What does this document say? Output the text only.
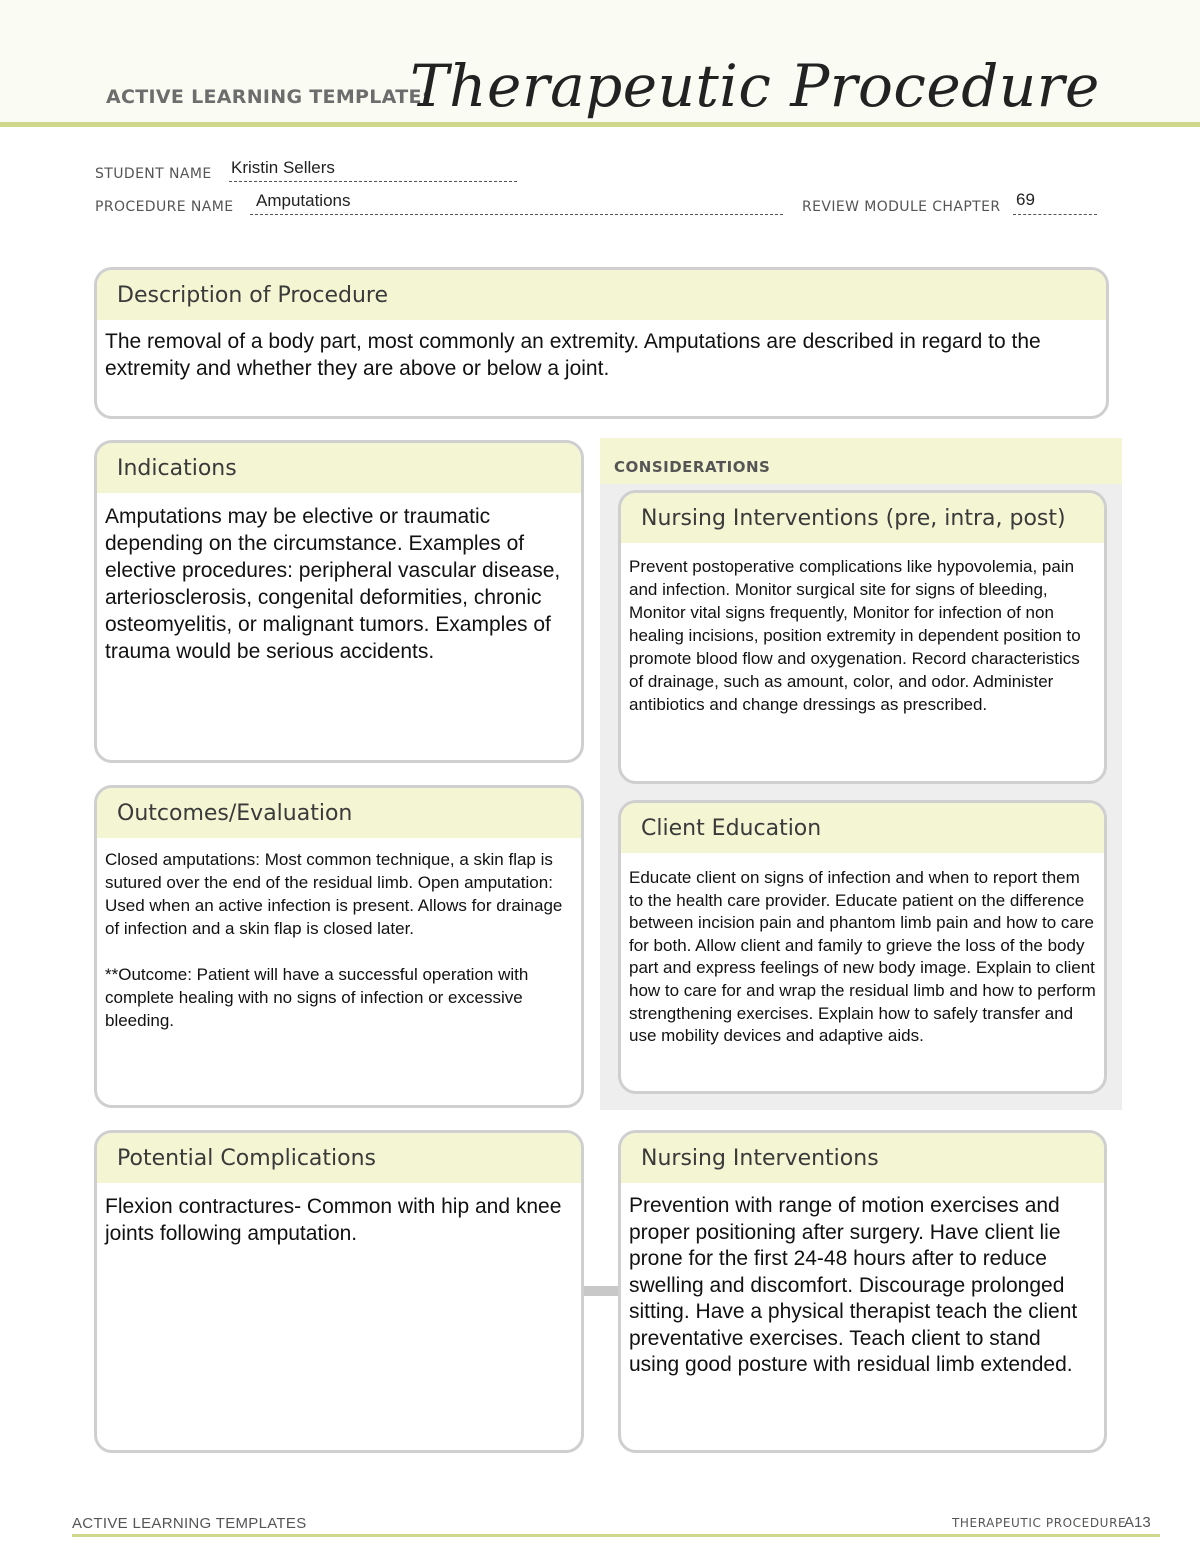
ACTIVE LEARNING TEMPLATE:
Therapeutic Procedure
STUDENT NAME Kristin Sellers
PROCEDURE NAME Amputations	REVIEW MODULE CHAPTER 69
Description of Procedure
The removal of a body part, most commonly an extremity. Amputations are described in regard to the extremity and whether they are above or below a joint.
Indications
Amputations may be elective or traumatic depending on the circumstance. Examples of elective procedures: peripheral vascular disease, arteriosclerosis, congenital deformities, chronic osteomyelitis, or malignant tumors. Examples of trauma would be serious accidents.
Outcomes/Evaluation

Closed amputations: Most common technique, a skin flap is sutured over the end of the residual limb. Open amputation: Used when an active infection is present. Allows for drainage of infection and a skin flap is closed later.

**Outcome: Patient will have a successful operation with complete healing with no signs of infection or excessive bleeding.

CONSIDERATIONS
Nursing Interventions (pre, intra, post)
Prevent postoperative complications like hypovolemia, pain and infection. Monitor surgical site for signs of bleeding, Monitor vital signs frequently, Monitor for infection of non healing incisions, position extremity in dependent position to promote blood flow and oxygenation. Record characteristics of drainage, such as amount, color, and odor. Administer antibiotics and change dressings as prescribed.
Client Education
Educate client on signs of infection and when to report them to the health care provider. Educate patient on the difference between incision pain and phantom limb pain and how to care for both. Allow client and family to grieve the loss of the body part and express feelings of new body image. Explain to client how to care for and wrap the residual limb and how to perform strengthening exercises. Explain how to safely transfer and use mobility devices and adaptive aids.
Potential Complications
Flexion contractures- Common with hip and knee joints following amputation.
Nursing Interventions
Prevention with range of motion exercises and proper positioning after surgery. Have client lie prone for the first 24-48 hours after to reduce swelling and discomfort. Discourage prolonged sitting. Have a physical therapist teach the client preventative exercises. Teach client to stand using good posture with residual limb extended.
ACTIVE LEARNING TEMPLATES	THERAPEUTIC PROCEDURE
A13
